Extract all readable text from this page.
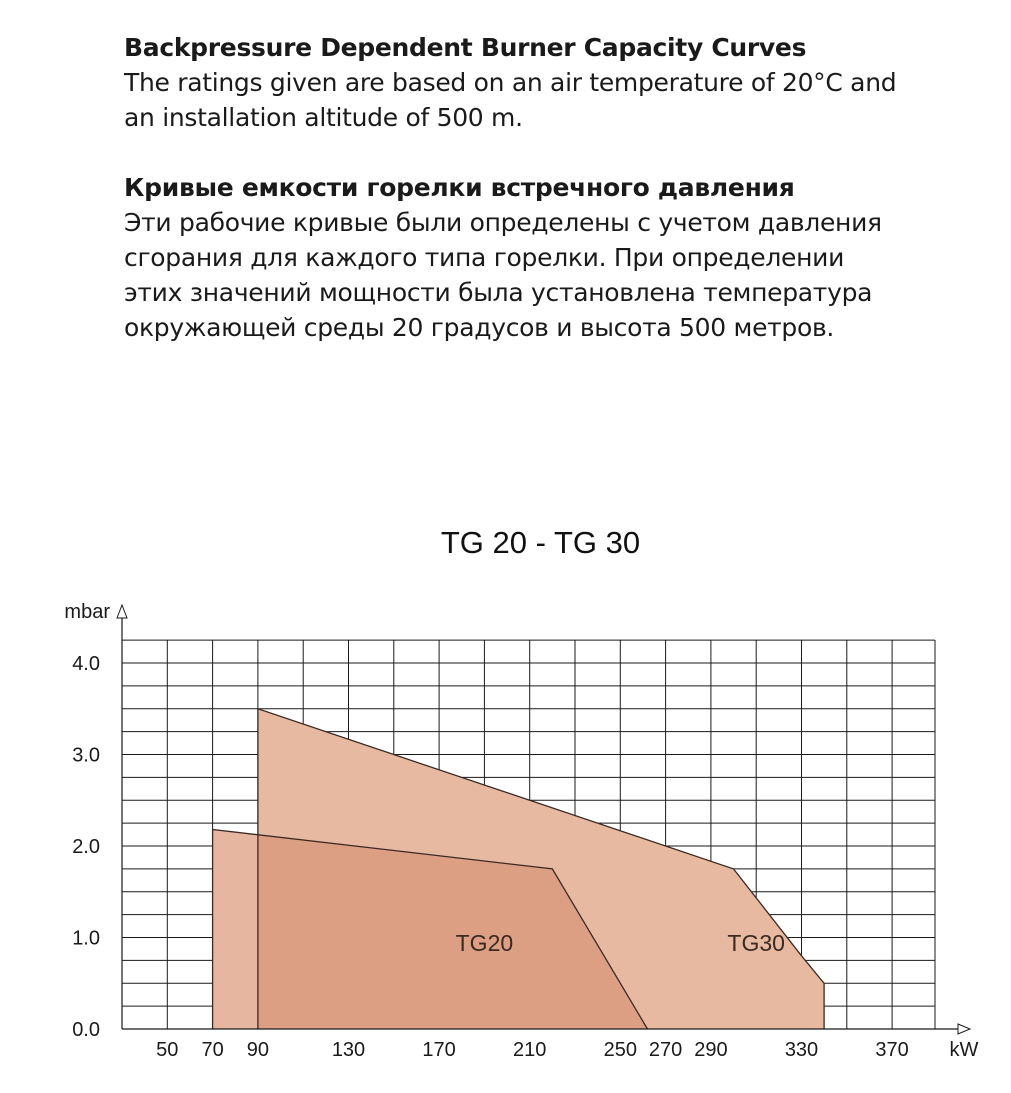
Backpressure Dependent Burner Capacity Curves
The ratings given are based on an air temperature of 20°C and
an installation altitude of 500 m.
Кривые емкости горелки встречного давления
Эти рабочие кривые были определены с учетом давления
сгорания для каждого типа горелки. При определении
этих значений мощности была установлена температура
окружающей среды 20 градусов и высота 500 метров.
TG 20 - TG 30
50 70 90	130	170	210	250 270 290	330	370
0.0
1.0
2.0
3.0
4.0
mbar
kW
TG30
TG20
